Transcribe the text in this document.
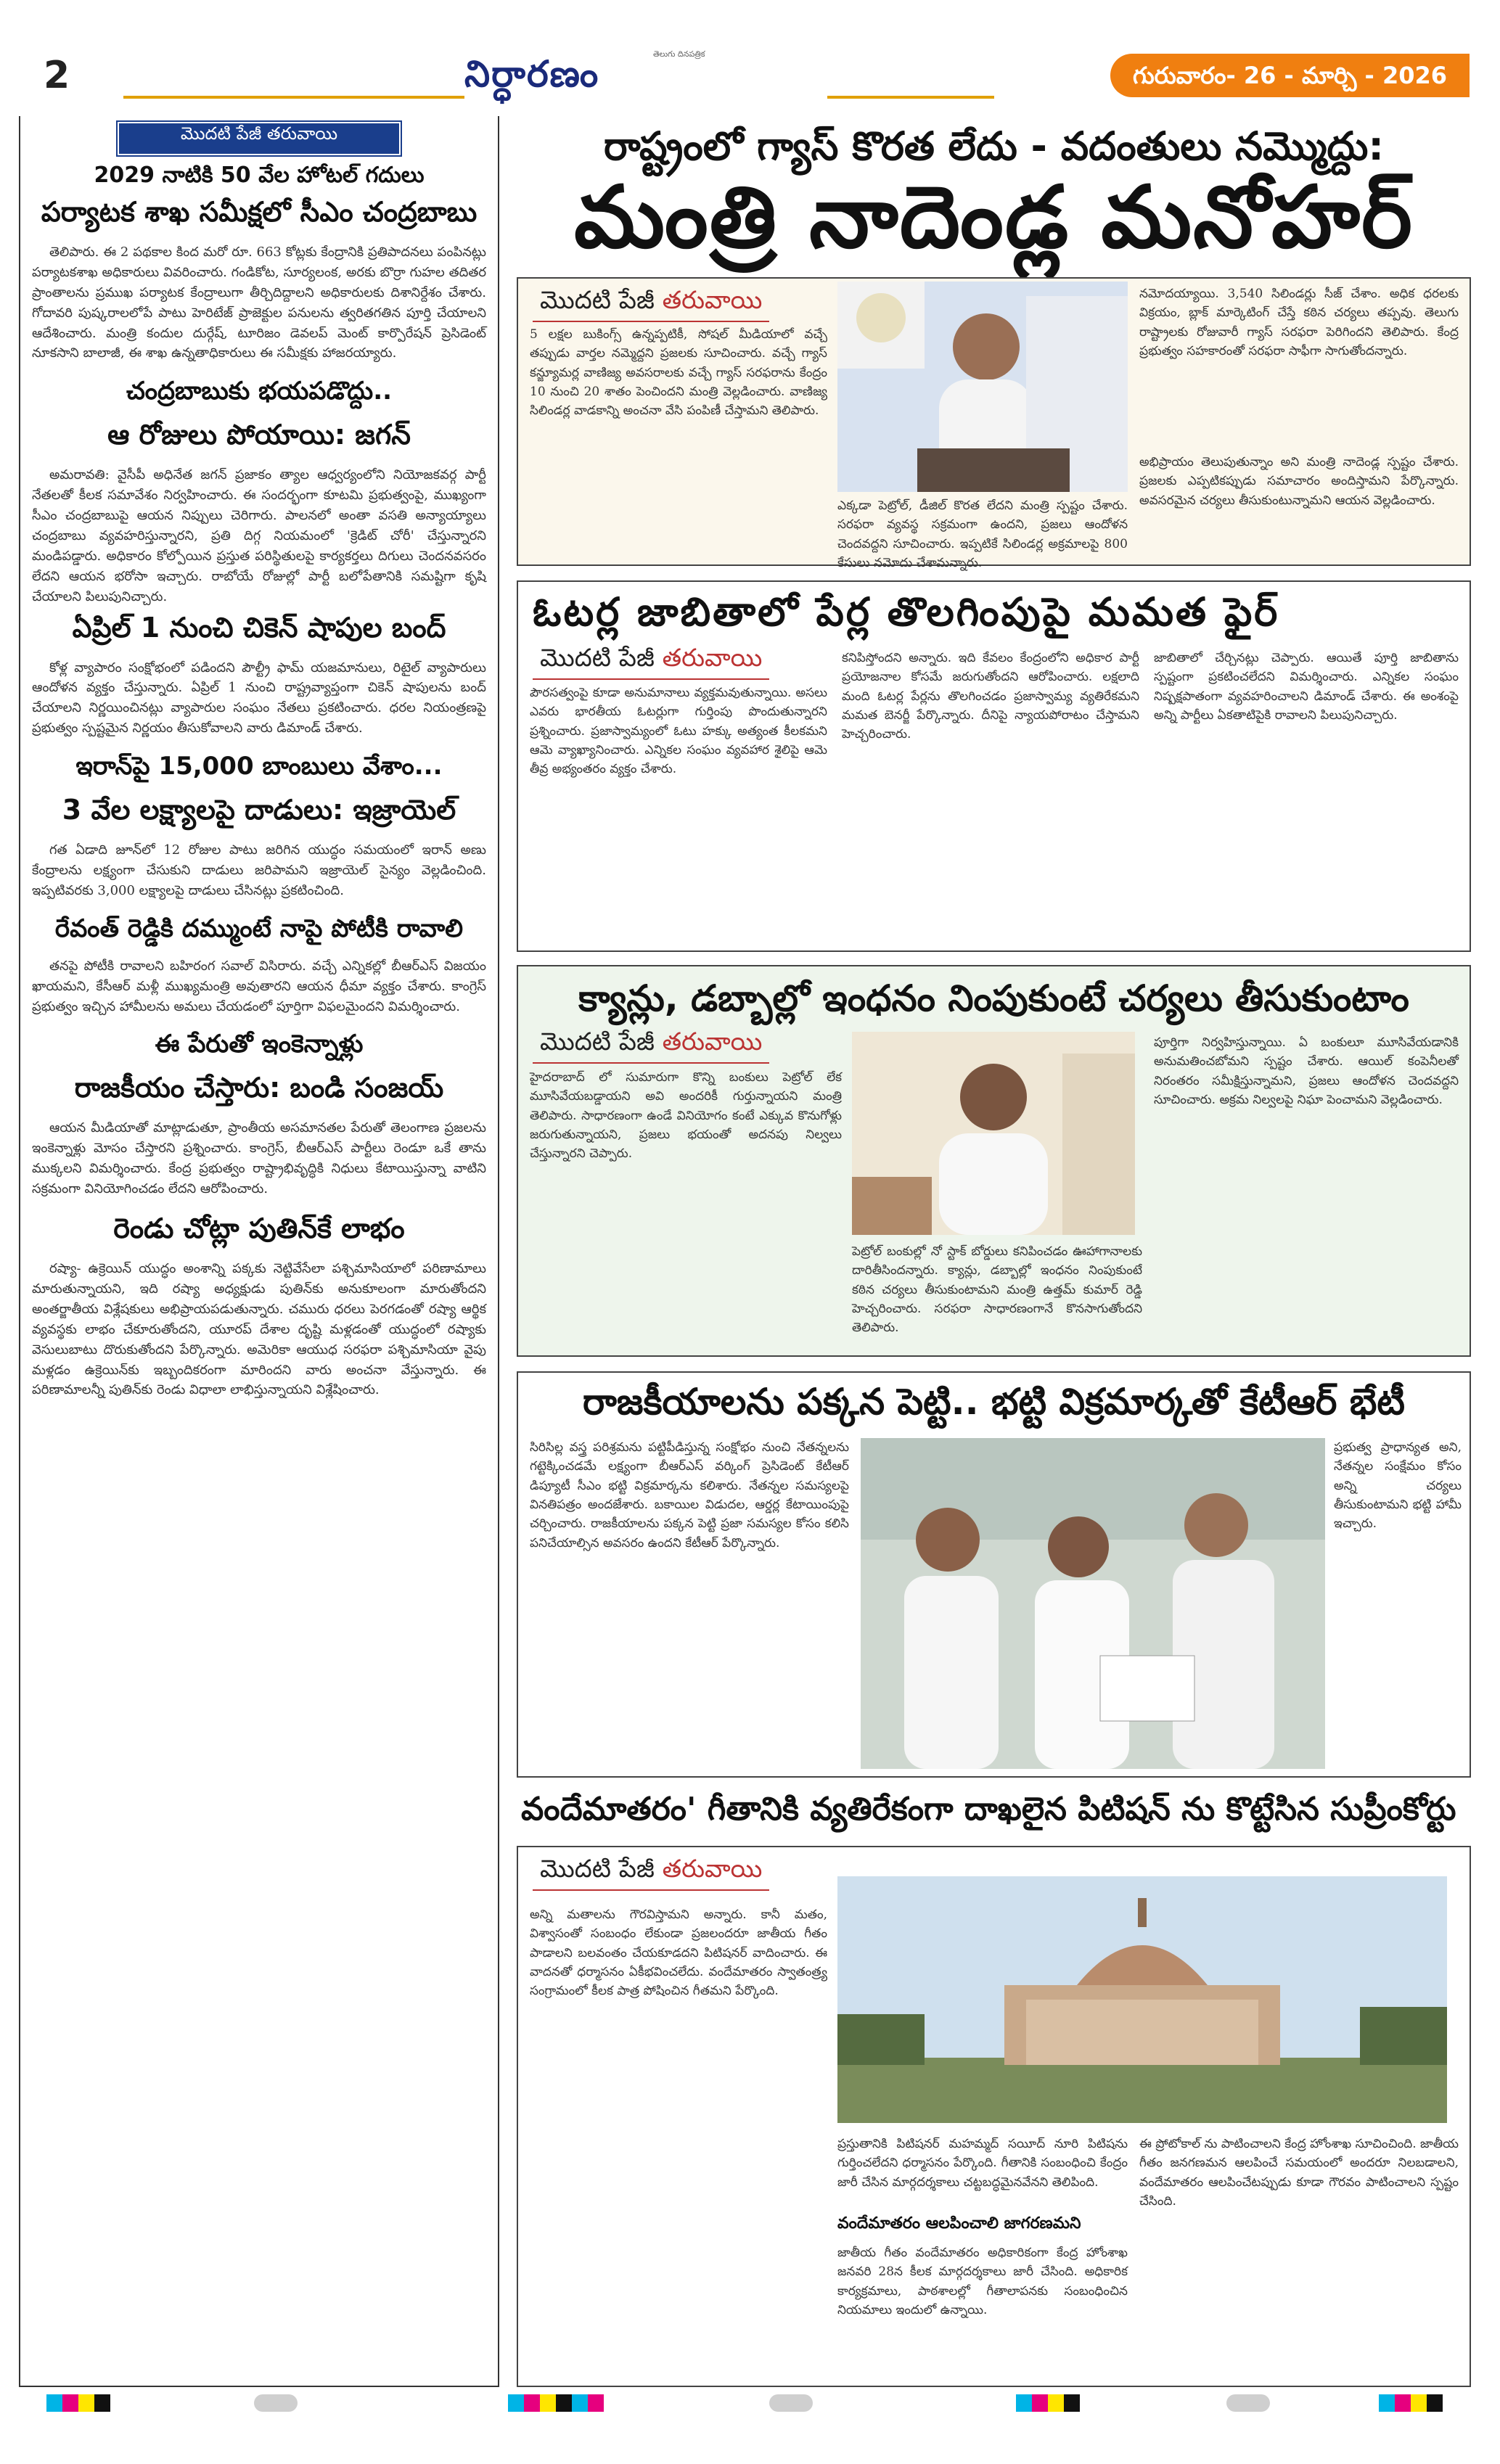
2	నిర్ధారణం	తెలుగు దినపత్రిక
గురువారం- 26 - మార్చి - 2026
మొదటి పేజీ తరువాయి
2029 నాటికి 50 వేల హోటల్ గదులు
పర్యాటక శాఖ సమీక్షలో సీఎం చంద్రబాబు

తెలిపారు. ఈ 2 పథకాల కింద మరో రూ. 663 కోట్లకు కేంద్రానికి ప్రతిపాదనలు పంపినట్లు పర్యాటకశాఖ అధికారులు వివరించారు. గండికోట, సూర్యలంక, అరకు బొర్రా గుహల తదితర ప్రాంతాలను ప్రముఖ పర్యాటక కేంద్రాలుగా తీర్చిదిద్దాలని అధికారులకు దిశానిర్దేశం చేశారు. గోదావరి పుష్కరాలలోపే పాటు హెరిటేజ్ ప్రాజెక్టుల పనులను త్వరితగతిన పూర్తి చేయాలని ఆదేశించారు. మంత్రి కందుల దుర్గేష్, టూరిజం డెవలప్ మెంట్ కార్పొరేషన్ ప్రెసిడెంట్ నూకసాని బాలాజీ, ఈ శాఖ ఉన్నతాధికారులు ఈ సమీక్షకు హాజరయ్యారు.

చంద్రబాబుకు భయపడొద్దు..
ఆ రోజులు పోయాయి: జగన్

అమరావతి: వైసీపీ అధినేత జగన్ ప్రజాకం త్యాల ఆధ్వర్యంలోని నియోజకవర్గ పార్టీ నేతలతో కీలక సమావేశం నిర్వహించారు. ఈ సందర్భంగా కూటమి ప్రభుత్వంపై, ముఖ్యంగా సీఎం చంద్రబాబుపై ఆయన నిప్పులు చెరిగారు. పాలనలో అంతా వసతి అన్యాయ్యాలు చంద్రబాబు వ్యవహరిస్తున్నారని, ప్రతి దిగ్గ నియమంలో 'క్రెడిట్ చోరీ' చేస్తున్నారని మండిపడ్డారు. అధికారం కోల్పోయిన ప్రస్తుత పరిస్థితులపై కార్యకర్తలు దిగులు చెందనవసరం లేదని ఆయన భరోసా ఇచ్చారు. రాబోయే రోజుల్లో పార్టీ బలోపేతానికి సమష్టిగా కృషి చేయాలని పిలుపునిచ్చారు.

ఏప్రిల్ 1 నుంచి చికెన్ షాపుల బంద్

కోళ్ల వ్యాపారం సంక్షోభంలో పడిందని పౌల్ట్రీ ఫామ్ యజమానులు, రిటైల్ వ్యాపారులు ఆందోళన వ్యక్తం చేస్తున్నారు. ఏప్రిల్ 1 నుంచి రాష్ట్రవ్యాప్తంగా చికెన్ షాపులను బంద్ చేయాలని నిర్ణయించినట్లు వ్యాపారుల సంఘం నేతలు ప్రకటించారు. ధరల నియంత్రణపై ప్రభుత్వం స్పష్టమైన నిర్ణయం తీసుకోవాలని వారు డిమాండ్ చేశారు.

ఇరాన్‌పై 15,000 బాంబులు వేశాం...
3 వేల లక్ష్యాలపై దాడులు: ఇజ్రాయెల్

గత ఏడాది జూన్‌లో 12 రోజుల పాటు జరిగిన యుద్ధం సమయంలో ఇరాన్ అణు కేంద్రాలను లక్ష్యంగా చేసుకుని దాడులు జరిపామని ఇజ్రాయెల్ సైన్యం వెల్లడించింది. ఇప్పటివరకు 3,000 లక్ష్యాలపై దాడులు చేసినట్లు ప్రకటించింది.

రేవంత్ రెడ్డికి దమ్ముంటే నాపై పోటీకి రావాలి

తనపై పోటీకి రావాలని బహిరంగ సవాల్ విసిరారు. వచ్చే ఎన్నికల్లో బీఆర్ఎస్ విజయం ఖాయమని, కేసీఆర్ మళ్లీ ముఖ్యమంత్రి అవుతారని ఆయన ధీమా వ్యక్తం చేశారు. కాంగ్రెస్ ప్రభుత్వం ఇచ్చిన హామీలను అమలు చేయడంలో పూర్తిగా విఫలమైందని విమర్శించారు.

ఈ పేరుతో ఇంకెన్నాళ్లు
రాజకీయం చేస్తారు: బండి సంజయ్

ఆయన మీడియాతో మాట్లాడుతూ, ప్రాంతీయ అసమానతల పేరుతో తెలంగాణ ప్రజలను ఇంకెన్నాళ్లు మోసం చేస్తారని ప్రశ్నించారు. కాంగ్రెస్, బీఆర్ఎస్ పార్టీలు రెండూ ఒకే తాను ముక్కలని విమర్శించారు. కేంద్ర ప్రభుత్వం రాష్ట్రాభివృద్ధికి నిధులు కేటాయిస్తున్నా వాటిని సక్రమంగా వినియోగించడం లేదని ఆరోపించారు.

రెండు చోట్లా పుతిన్‌కే లాభం

రష్యా- ఉక్రెయిన్ యుద్ధం అంశాన్ని పక్కకు నెట్టివేసేలా పశ్చిమాసియాలో పరిణామాలు మారుతున్నాయని, ఇది రష్యా అధ్యక్షుడు పుతిన్‌కు అనుకూలంగా మారుతోందని అంతర్జాతీయ విశ్లేషకులు అభిప్రాయపడుతున్నారు. చమురు ధరలు పెరగడంతో రష్యా ఆర్థిక వ్యవస్థకు లాభం చేకూరుతోందని, యూరప్ దేశాల దృష్టి మళ్లడంతో యుద్ధంలో రష్యాకు వెసులుబాటు దొరుకుతోందని పేర్కొన్నారు. అమెరికా ఆయుధ సరఫరా పశ్చిమాసియా వైపు మళ్లడం ఉక్రెయిన్‌కు ఇబ్బందికరంగా మారిందని వారు అంచనా వేస్తున్నారు. ఈ పరిణామాలన్నీ పుతిన్‌కు రెండు విధాలా లాభిస్తున్నాయని విశ్లేషించారు.

రాష్ట్రంలో గ్యాస్ కొరత లేదు - వదంతులు నమ్మొద్దు:
మంత్రి నాదెండ్ల మనోహర్
మొదటి పేజీ తరువాయి
5 లక్షల బుకింగ్స్ ఉన్నప్పటికీ, సోషల్ మీడియాలో వచ్చే తప్పుడు వార్తల నమ్మెద్దని ప్రజలకు సూచించారు. వచ్చే గ్యాస్ కన్జ్యూమర్ల వాణిజ్య అవసరాలకు వచ్చే గ్యాస్ సరఫరాను కేంద్రం 10 నుంచి 20 శాతం పెంచిందని మంత్రి వెల్లడించారు. వాణిజ్య సిలిండర్ల వాడకాన్ని అంచనా వేసి పంపిణీ చేస్తామని తెలిపారు.
ఎక్కడా పెట్రోల్, డీజిల్ కొరత లేదని మంత్రి స్పష్టం చేశారు. సరఫరా వ్యవస్థ సక్రమంగా ఉందని, ప్రజలు ఆందోళన చెందవద్దని సూచించారు. ఇప్పటికే సిలిండర్ల అక్రమాలపై 800 కేసులు నమోదు చేశామన్నారు.
నమోదయ్యాయి. 3,540 సిలిండర్లు సీజ్ చేశాం. అధిక ధరలకు విక్రయం, బ్లాక్ మార్కెటింగ్ చేస్తే కఠిన చర్యలు తప్పవు. తెలుగు రాష్ట్రాలకు రోజువారీ గ్యాస్ సరఫరా పెరిగిందని తెలిపారు. కేంద్ర ప్రభుత్వం సహకారంతో సరఫరా సాఫీగా సాగుతోందన్నారు.
అభిప్రాయం తెలుపుతున్నాం అని మంత్రి నాదెండ్ల స్పష్టం చేశారు. ప్రజలకు ఎప్పటికప్పుడు సమాచారం అందిస్తామని పేర్కొన్నారు. అవసరమైన చర్యలు తీసుకుంటున్నామని ఆయన వెల్లడించారు.
ఓటర్ల జాబితాలో పేర్ల తొలగింపుపై మమత ఫైర్
మొదటి పేజీ తరువాయి
పౌరసత్వంపై కూడా అనుమానాలు వ్యక్తమవుతున్నాయి. అసలు ఎవరు భారతీయ ఓటర్లుగా గుర్తింపు పొందుతున్నారని ప్రశ్నించారు. ప్రజాస్వామ్యంలో ఓటు హక్కు అత్యంత కీలకమని ఆమె వ్యాఖ్యానించారు. ఎన్నికల సంఘం వ్యవహార శైలిపై ఆమె తీవ్ర అభ్యంతరం వ్యక్తం చేశారు.
కనిపిస్తోందని అన్నారు. ఇది కేవలం కేంద్రంలోని అధికార పార్టీ ప్రయోజనాల కోసమే జరుగుతోందని ఆరోపించారు. లక్షలాది మంది ఓటర్ల పేర్లను తొలగించడం ప్రజాస్వామ్య వ్యతిరేకమని మమత బెనర్జీ పేర్కొన్నారు. దీనిపై న్యాయపోరాటం చేస్తామని హెచ్చరించారు.
జాబితాలో చేర్చినట్లు చెప్పారు. ఆయితే పూర్తి జాబితాను స్పష్టంగా ప్రకటించలేదని విమర్శించారు. ఎన్నికల సంఘం నిష్పక్షపాతంగా వ్యవహరించాలని డిమాండ్ చేశారు. ఈ అంశంపై అన్ని పార్టీలు ఏకతాటిపైకి రావాలని పిలుపునిచ్చారు.
క్యాన్లు, డబ్బాల్లో ఇంధనం నింపుకుంటే చర్యలు తీసుకుంటాం
మొదటి పేజీ తరువాయి
హైదరాబాద్ లో సుమారుగా కొన్ని బంకులు పెట్రోల్ లేక మూసివేయబడ్డాయని అవి అందరికీ గుర్తున్నాయని మంత్రి తెలిపారు. సాధారణంగా ఉండే వినియోగం కంటే ఎక్కువ కొనుగోళ్లు జరుగుతున్నాయని, ప్రజలు భయంతో అదనపు నిల్వలు చేస్తున్నారని చెప్పారు.
పెట్రోల్ బంకుల్లో నో స్టాక్ బోర్డులు కనిపించడం ఊహాగానాలకు దారితీసిందన్నారు. క్యాన్లు, డబ్బాల్లో ఇంధనం నింపుకుంటే కఠిన చర్యలు తీసుకుంటామని మంత్రి ఉత్తమ్ కుమార్ రెడ్డి హెచ్చరించారు. సరఫరా సాధారణంగానే కొనసాగుతోందని తెలిపారు.
పూర్తిగా నిర్వహిస్తున్నాయి. ఏ బంకులూ మూసివేయడానికి అనుమతించబోమని స్పష్టం చేశారు. ఆయిల్ కంపెనీలతో నిరంతరం సమీక్షిస్తున్నామని, ప్రజలు ఆందోళన చెందవద్దని సూచించారు. అక్రమ నిల్వలపై నిఘా పెంచామని వెల్లడించారు.
రాజకీయాలను పక్కన పెట్టి.. భట్టి విక్రమార్కతో కేటీఆర్ భేటీ
సిరిసిల్ల వస్త్ర పరిశ్రమను పట్టిపీడిస్తున్న సంక్షోభం నుంచి నేతన్నలను గట్టెక్కించడమే లక్ష్యంగా బీఆర్ఎస్ వర్కింగ్ ప్రెసిడెంట్ కేటీఆర్ డిప్యూటీ సీఎం భట్టి విక్రమార్కను కలిశారు. నేతన్నల సమస్యలపై వినతిపత్రం అందజేశారు. బకాయిల విడుదల, ఆర్డర్ల కేటాయింపుపై చర్చించారు. రాజకీయాలను పక్కన పెట్టి ప్రజా సమస్యల కోసం కలిసి పనిచేయాల్సిన అవసరం ఉందని కేటీఆర్ పేర్కొన్నారు.
ప్రభుత్వ ప్రాధాన్యత అని, నేతన్నల సంక్షేమం కోసం అన్ని చర్యలు తీసుకుంటామని భట్టి హామీ ఇచ్చారు.
వందేమాతరం' గీతానికి వ్యతిరేకంగా దాఖలైన పిటిషన్ ను కొట్టేసిన సుప్రీంకోర్టు
మొదటి పేజీ తరువాయి
అన్ని మతాలను గౌరవిస్తామని అన్నారు. కానీ మతం, విశ్వాసంతో సంబంధం లేకుండా ప్రజలందరూ జాతీయ గీతం పాడాలని బలవంతం చేయకూడదని పిటిషనర్ వాదించారు. ఈ వాదనతో ధర్మాసనం ఏకీభవించలేదు. వందేమాతరం స్వాతంత్ర్య సంగ్రామంలో కీలక పాత్ర పోషించిన గీతమని పేర్కొంది.
ప్రస్తుతానికి పిటిషనర్ మహమ్మద్ సయీద్ నూరి పిటిషను గుర్తించలేదని ధర్మాసనం పేర్కొంది. గీతానికి సంబంధించి కేంద్రం జారీ చేసిన మార్గదర్శకాలు చట్టబద్ధమైనవేనని తెలిపింది.
వందేమాతరం ఆలపించాలి జాగరణమని
జాతీయ గీతం వందేమాతరం అధికారికంగా కేంద్ర హోంశాఖ జనవరి 28న కీలక మార్గదర్శకాలు జారీ చేసింది. అధికారిక కార్యక్రమాలు, పాఠశాలల్లో గీతాలాపనకు సంబంధించిన నియమాలు ఇందులో ఉన్నాయి.
ఈ ప్రోటోకాల్ ను పాటించాలని కేంద్ర హోంశాఖ సూచించింది. జాతీయ గీతం జనగణమన ఆలపించే సమయంలో అందరూ నిలబడాలని, వందేమాతరం ఆలపించేటప్పుడు కూడా గౌరవం పాటించాలని స్పష్టం చేసింది.
